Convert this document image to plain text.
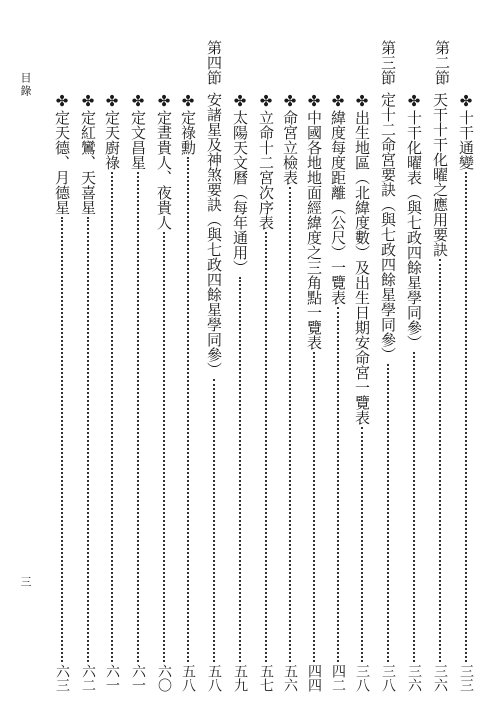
目錄
三
✤十干通變
三三
第二節
天干十干化曜之應用要訣
三六
✤十干化曜表（與七政四餘星學同參）
三六
第三節
定十二命宮要訣（與七政四餘星學同參）
三八
✤出生地區（北緯度數）及出生日期安命宮一覽表
三八
✤緯度每度距離（公尺）一覽表
四二
✤中國各地地面經緯度之三角點一覽表
四四
✤命宮立檢表
五六
✤立命十二宮次序表
五七
✤太陽天文曆（每年通用）
五九
第四節
安諸星及神煞要訣（與七政四餘星學同參）
五八
✤定祿勳
五八
✤定晝貴人、夜貴人
六〇
✤定文昌星
六一
✤定天廚祿
六一
✤定紅鸞、天喜星
六二
✤定天德、月德星
六三
